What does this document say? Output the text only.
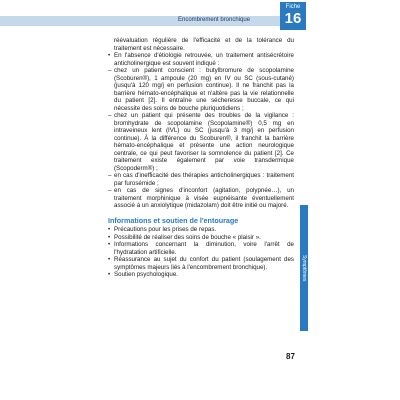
Encombrement bronchique
Fiche
16
Symptômes

réévaluation régulière de l'efficacité et de la tolérance du traitement est nécessaire.

• En l'absence d'étiologie retrouvée, un traitement antisécrétoire anticholinergique est souvent indiqué :

– chez un patient conscient : butylbromure de scopolamine (Scoburen®), 1 ampoule (20 mg) en IV ou SC (sous-cutané) (jusqu'à 120 mg/j en perfusion continue). Il ne franchit pas la barrière hémato-encéphalique et n'altère pas la vie relationnelle du patient [2]. Il entraîne une sécheresse buccale, ce qui nécessite des soins de bouche pluriquotidiens ;

– chez un patient qui présente des troubles de la vigilance : bromhydrate de scopolamine (Scopolamine®) 0,5 mg en intraveineux lent (IVL) ou SC (jusqu'à 3 mg/j en perfusion continue). À la différence du Scoburen®, il franchit la barrière hémato-encéphalique et présente une action neurologique centrale, ce qui peut favoriser la somnolence du patient [2]. Ce traitement existe également par voie transdermique (Scopoderm®) ;

– en cas d'inefficacité des thérapies anticholinergiques : traitement par furosémide ;

– en cas de signes d'inconfort (agitation, polypnée…), un traitement morphinique à visée eupnéisante éventuellement associé à un anxiolytique (midazolam) doit être initié ou majoré.

Informations et soutien de l'entourage

• Précautions pour les prises de repas.

• Possibilité de réaliser des soins de bouche « plaisir ».

• Informations concernant la diminution, voire l'arrêt de l'hydratation artificielle.

• Réassurance au sujet du confort du patient (soulagement des symptômes majeurs liés à l'encombrement bronchique).

• Soutien psychologique.

87
